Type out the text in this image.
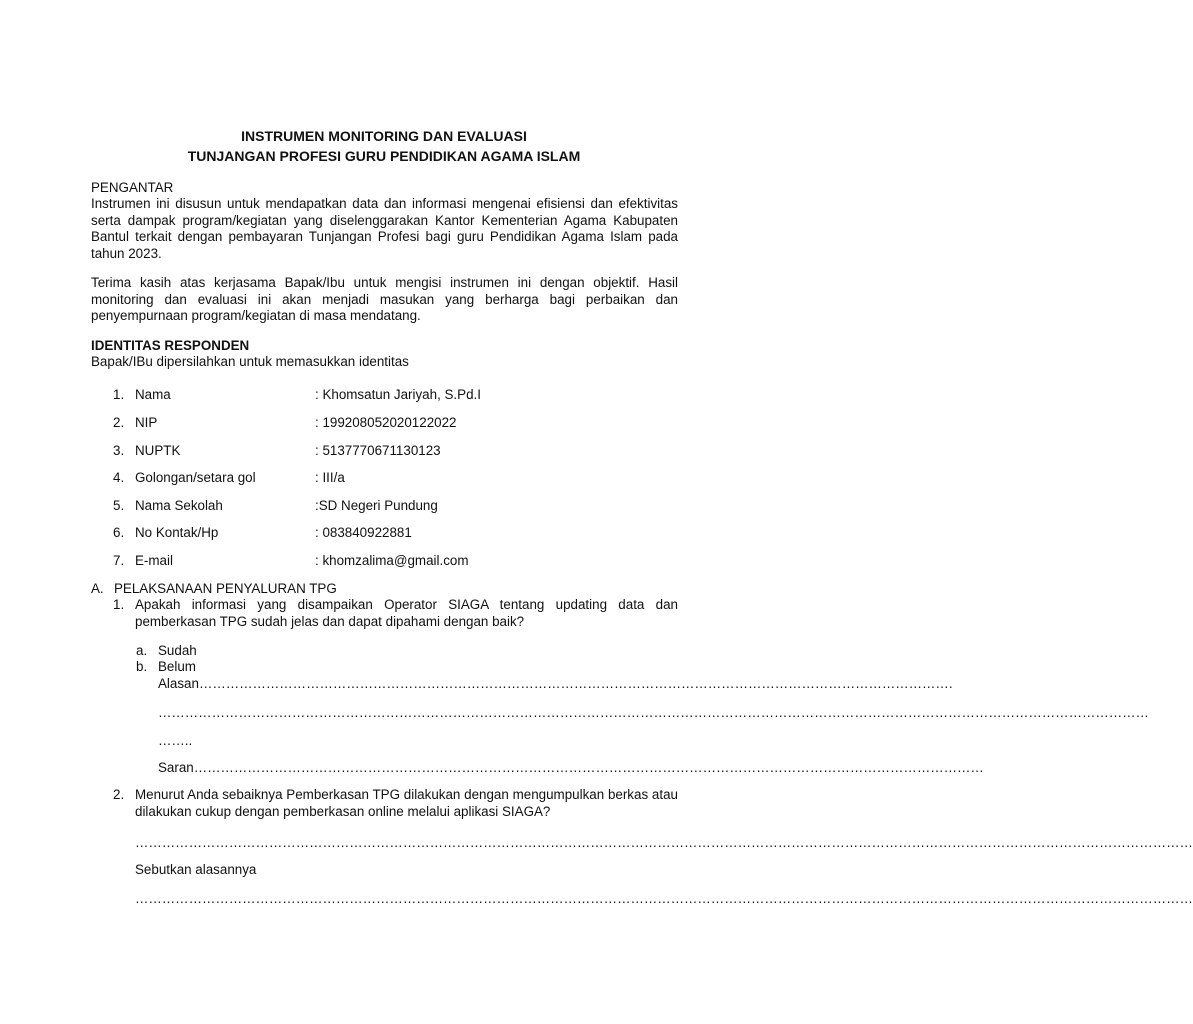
INSTRUMEN MONITORING DAN EVALUASI
TUNJANGAN PROFESI GURU PENDIDIKAN AGAMA ISLAM
PENGANTAR
Instrumen ini disusun untuk mendapatkan data dan informasi mengenai efisiensi dan efektivitas serta dampak program/kegiatan yang diselenggarakan Kantor Kementerian Agama Kabupaten Bantul terkait dengan pembayaran Tunjangan Profesi bagi guru Pendidikan Agama Islam pada tahun 2023.
Terima kasih atas kerjasama Bapak/Ibu untuk mengisi instrumen ini dengan objektif. Hasil monitoring dan evaluasi ini akan menjadi masukan yang berharga bagi perbaikan dan penyempurnaan program/kegiatan di masa mendatang.
IDENTITAS RESPONDEN
Bapak/IBu dipersilahkan untuk memasukkan identitas
1. Nama	: Khomsatun Jariyah, S.Pd.I
2. NIP	: 199208052020122022
3. NUPTK	: 5137770671130123
4. Golongan/setara gol	: III/a
5. Nama Sekolah	:SD Negeri Pundung
6. No Kontak/Hp	: 083840922881
7. E-mail	: khomzalima@gmail.com
A. PELAKSANAAN PENYALURAN TPG
1. Apakah informasi yang disampaikan Operator SIAGA tentang updating data dan pemberkasan TPG sudah jelas dan dapat dipahami dengan baik?
a. Sudah
b. Belum
Alasan…………………………………………………………………………………………………………………………………………………….
……………………………………………………………………………………………………………………………………………………………………………………………………
……..
Saran……………………………………………………………………………………………………………………………………………………………
2. Menurut Anda sebaiknya Pemberkasan TPG dilakukan dengan mengumpulkan berkas atau dilakukan cukup dengan pemberkasan online melalui aplikasi SIAGA?
…………………………………………………………………………………………………………………………………………………………………………………………………………………
Sebutkan alasannya
…………………………………………………………………………………………………………………………………………………………………………………………………………………
